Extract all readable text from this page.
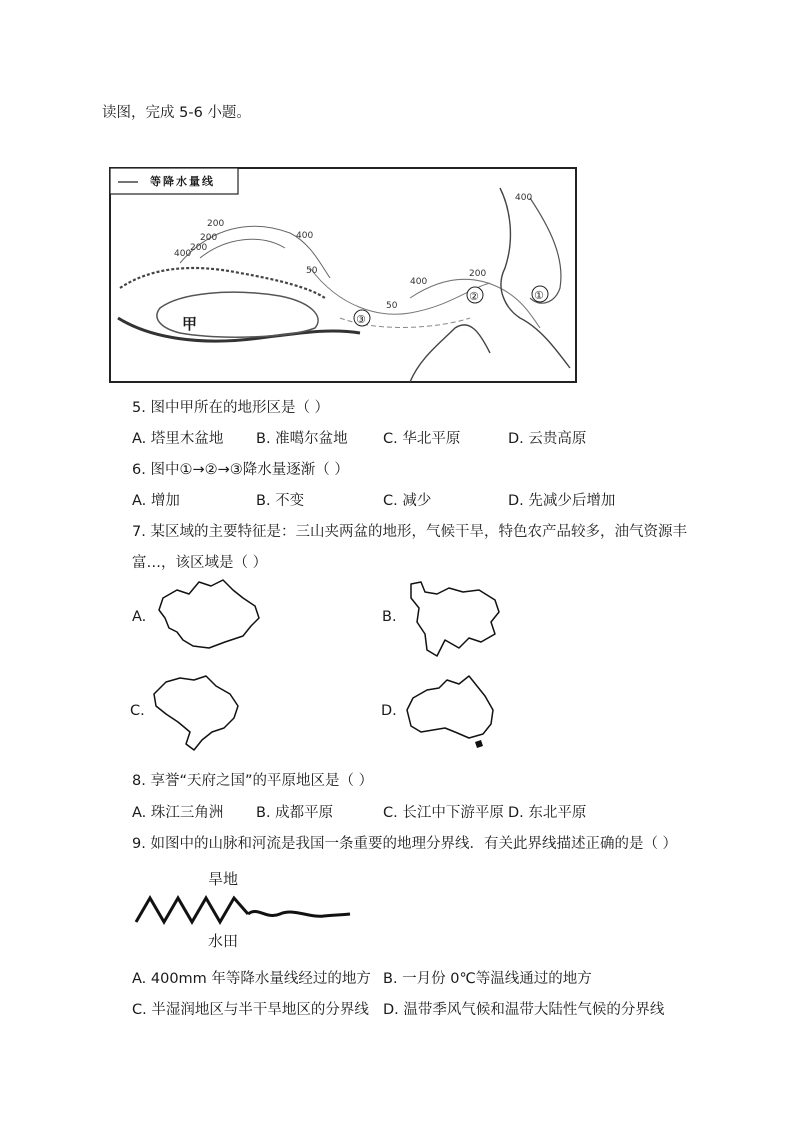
读图，完成 5-6 小题。
400
200
200
200
400
400
50
50
200
400
①
②
③
等降水量线
甲
5. 图中甲所在的地形区是（ ）
A. 塔里木盆地 B. 准噶尔盆地 C. 华北平原	D. 云贵高原
6. 图中①→②→③降水量逐渐（ ）
A. 增加	B. 不变	C. 减少	D. 先减少后增加
7. 某区域的主要特征是：三山夹两盆的地形，气候干旱，特色农产品较多，油气资源丰
富…，该区域是（ ）
A.	B.
C.	D.
8. 享誉“天府之国”的平原地区是（ ）
A. 珠江三角洲 B. 成都平原	C. 长江中下游平原 D. 东北平原
9. 如图中的山脉和河流是我国一条重要的地理分界线．有关此界线描述正确的是（ ）
旱地
水田
A. 400mm 年等降水量线经过的地方 B. 一月份 0℃等温线通过的地方
C. 半湿润地区与半干旱地区的分界线 D. 温带季风气候和温带大陆性气候的分界线
